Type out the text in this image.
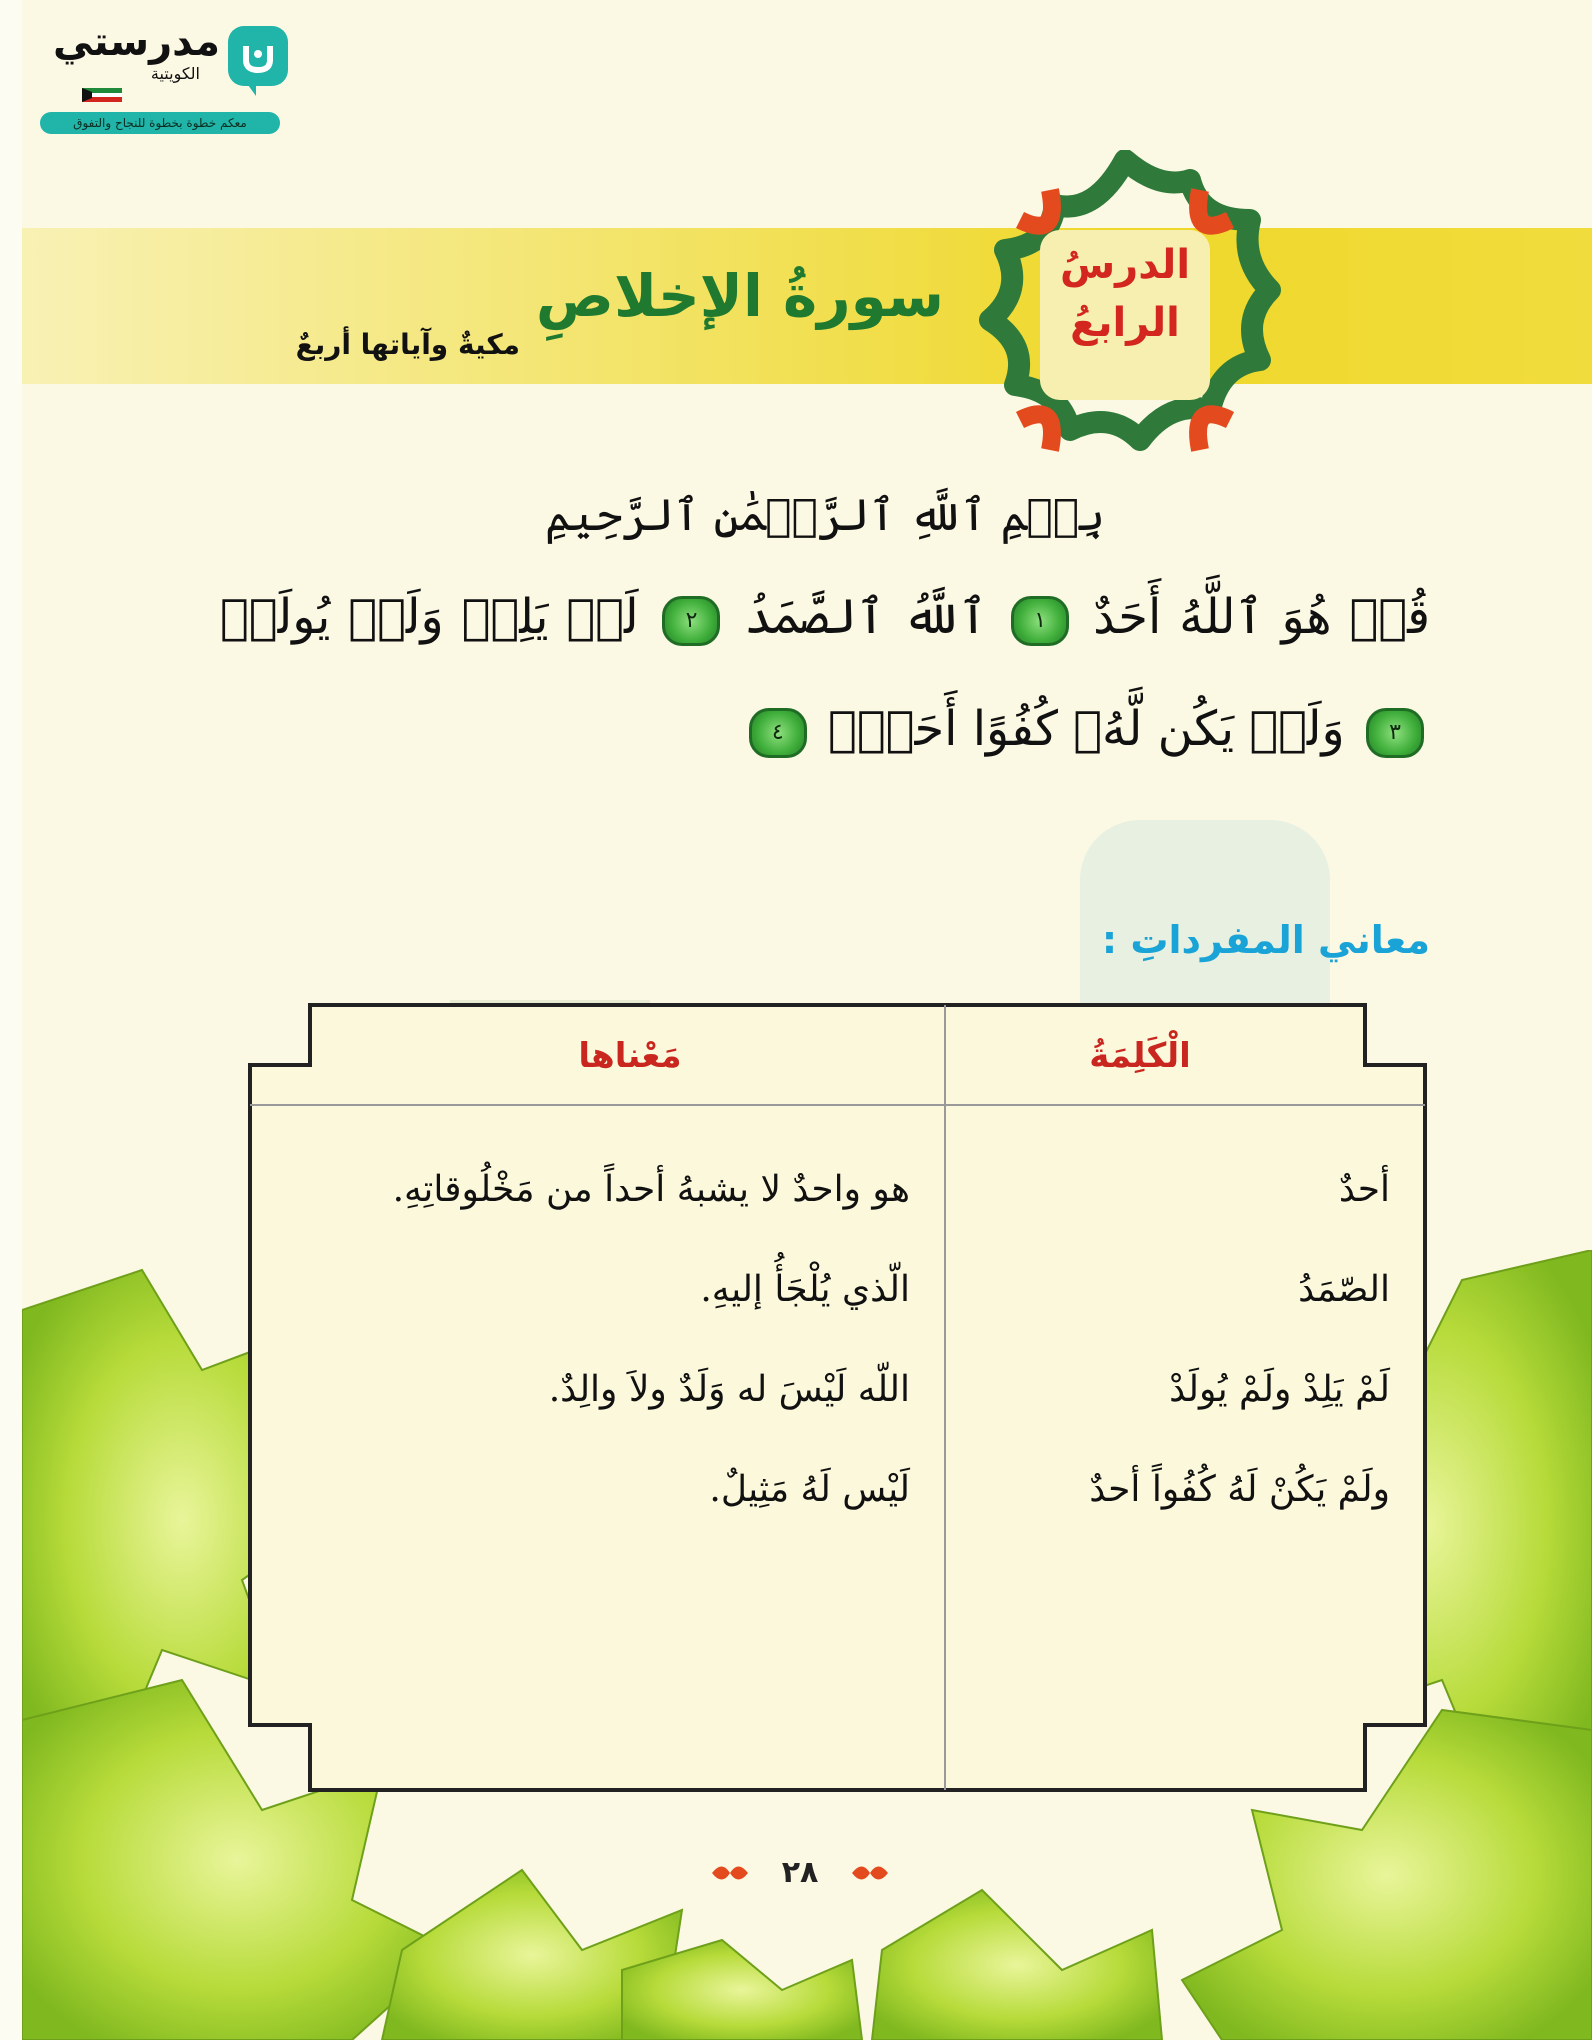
مدرستي
الكويتية
معكم خطوة بخطوة للنجاح والتفوق
الدرسُ
الرابعُ
سورةُ الإخلاصِ
مكيةٌ وآياتها أربعٌ
بِسۡمِ ٱللَّهِ ٱلرَّحۡمَٰنِ ٱلرَّحِيمِ
قُلۡ هُوَ ٱللَّهُ أَحَدٌ ١ ٱللَّهُ ٱلصَّمَدُ ٢ لَمۡ يَلِدۡ وَلَمۡ يُولَدۡ ٣ وَلَمۡ يَكُن لَّهُۥ كُفُوًا أَحَدُۢ ٤
معاني المفرداتِ :
الْكَلِمَةُ
مَعْناها
أحدٌ
الصّمَدُ
لَمْ يَلِدْ ولَمْ يُولَدْ
ولَمْ يَكُنْ لَهُ كُفُواً أحدٌ
هو واحدٌ لا يشبهُ أحداً من مَخْلُوقاتِهِ.
الّذي يُلْجَأُ إليهِ.
اللّه لَيْسَ له وَلَدٌ ولاَ والِدٌ.
لَيْس لَهُ مَثِيلٌ.
٢٨
